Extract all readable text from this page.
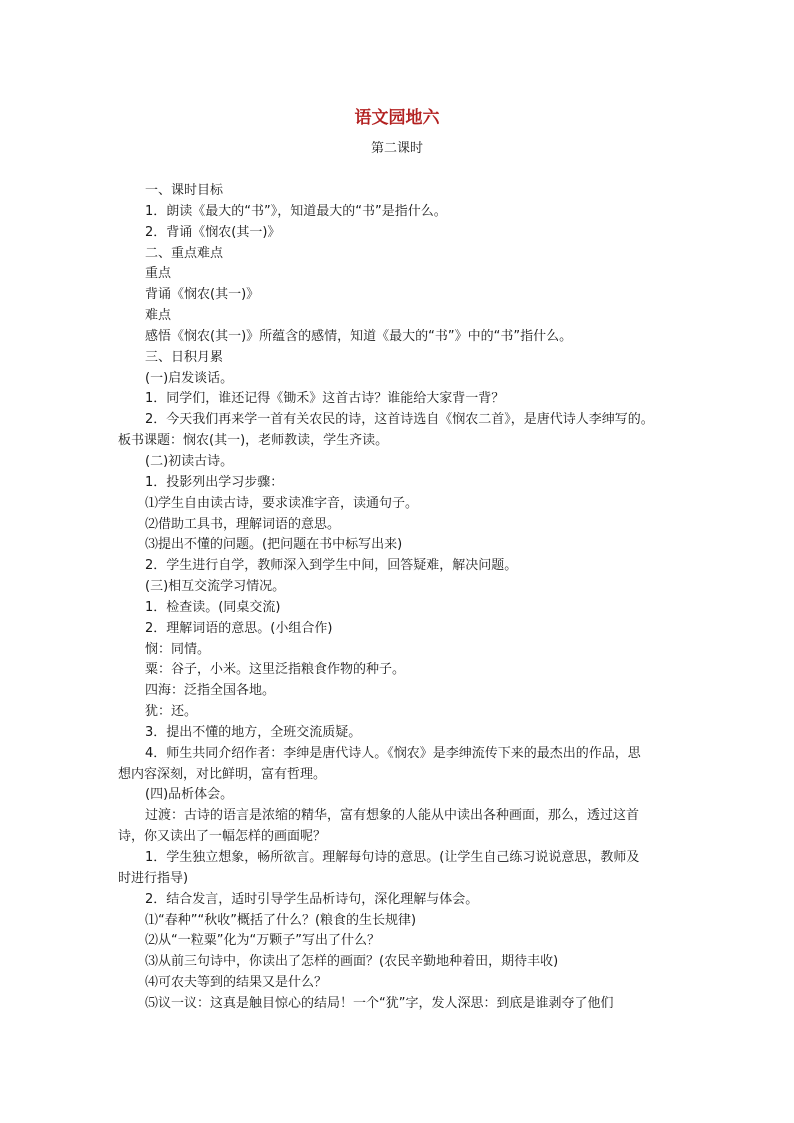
语文园地六
第二课时
一、课时目标
1．朗读《最大的“书”》，知道最大的“书”是指什么。
2．背诵《悯农(其一)》
二、重点难点
重点
背诵《悯农(其一)》
难点
感悟《悯农(其一)》所蕴含的感情，知道《最大的“书”》中的“书”指什么。
三、日积月累
(一)启发谈话。
1．同学们，谁还记得《锄禾》这首古诗？谁能给大家背一背？
2．今天我们再来学一首有关农民的诗，这首诗选自《悯农二首》，是唐代诗人李绅写的。
板书课题：悯农(其一)，老师教读，学生齐读。
(二)初读古诗。
1．投影列出学习步骤：
⑴学生自由读古诗，要求读准字音，读通句子。
⑵借助工具书，理解词语的意思。
⑶提出不懂的问题。(把问题在书中标写出来)
2．学生进行自学，教师深入到学生中间，回答疑难，解决问题。
(三)相互交流学习情况。
1．检查读。(同桌交流)
2．理解词语的意思。(小组合作)
悯：同情。
粟：谷子，小米。这里泛指粮食作物的种子。
四海：泛指全国各地。
犹：还。
3．提出不懂的地方，全班交流质疑。
4．师生共同介绍作者：李绅是唐代诗人。《悯农》是李绅流传下来的最杰出的作品，思
想内容深刻，对比鲜明，富有哲理。
(四)品析体会。
过渡：古诗的语言是浓缩的精华，富有想象的人能从中读出各种画面，那么，透过这首
诗，你又读出了一幅怎样的画面呢？
1．学生独立想象，畅所欲言。理解每句诗的意思。(让学生自己练习说说意思，教师及
时进行指导)
2．结合发言，适时引导学生品析诗句，深化理解与体会。
⑴“春种”“秋收”概括了什么？(粮食的生长规律)
⑵从“一粒粟”化为“万颗子”写出了什么？
⑶从前三句诗中，你读出了怎样的画面？(农民辛勤地种着田，期待丰收)
⑷可农夫等到的结果又是什么？
⑸议一议：这真是触目惊心的结局！一个“犹”字，发人深思：到底是谁剥夺了他们
